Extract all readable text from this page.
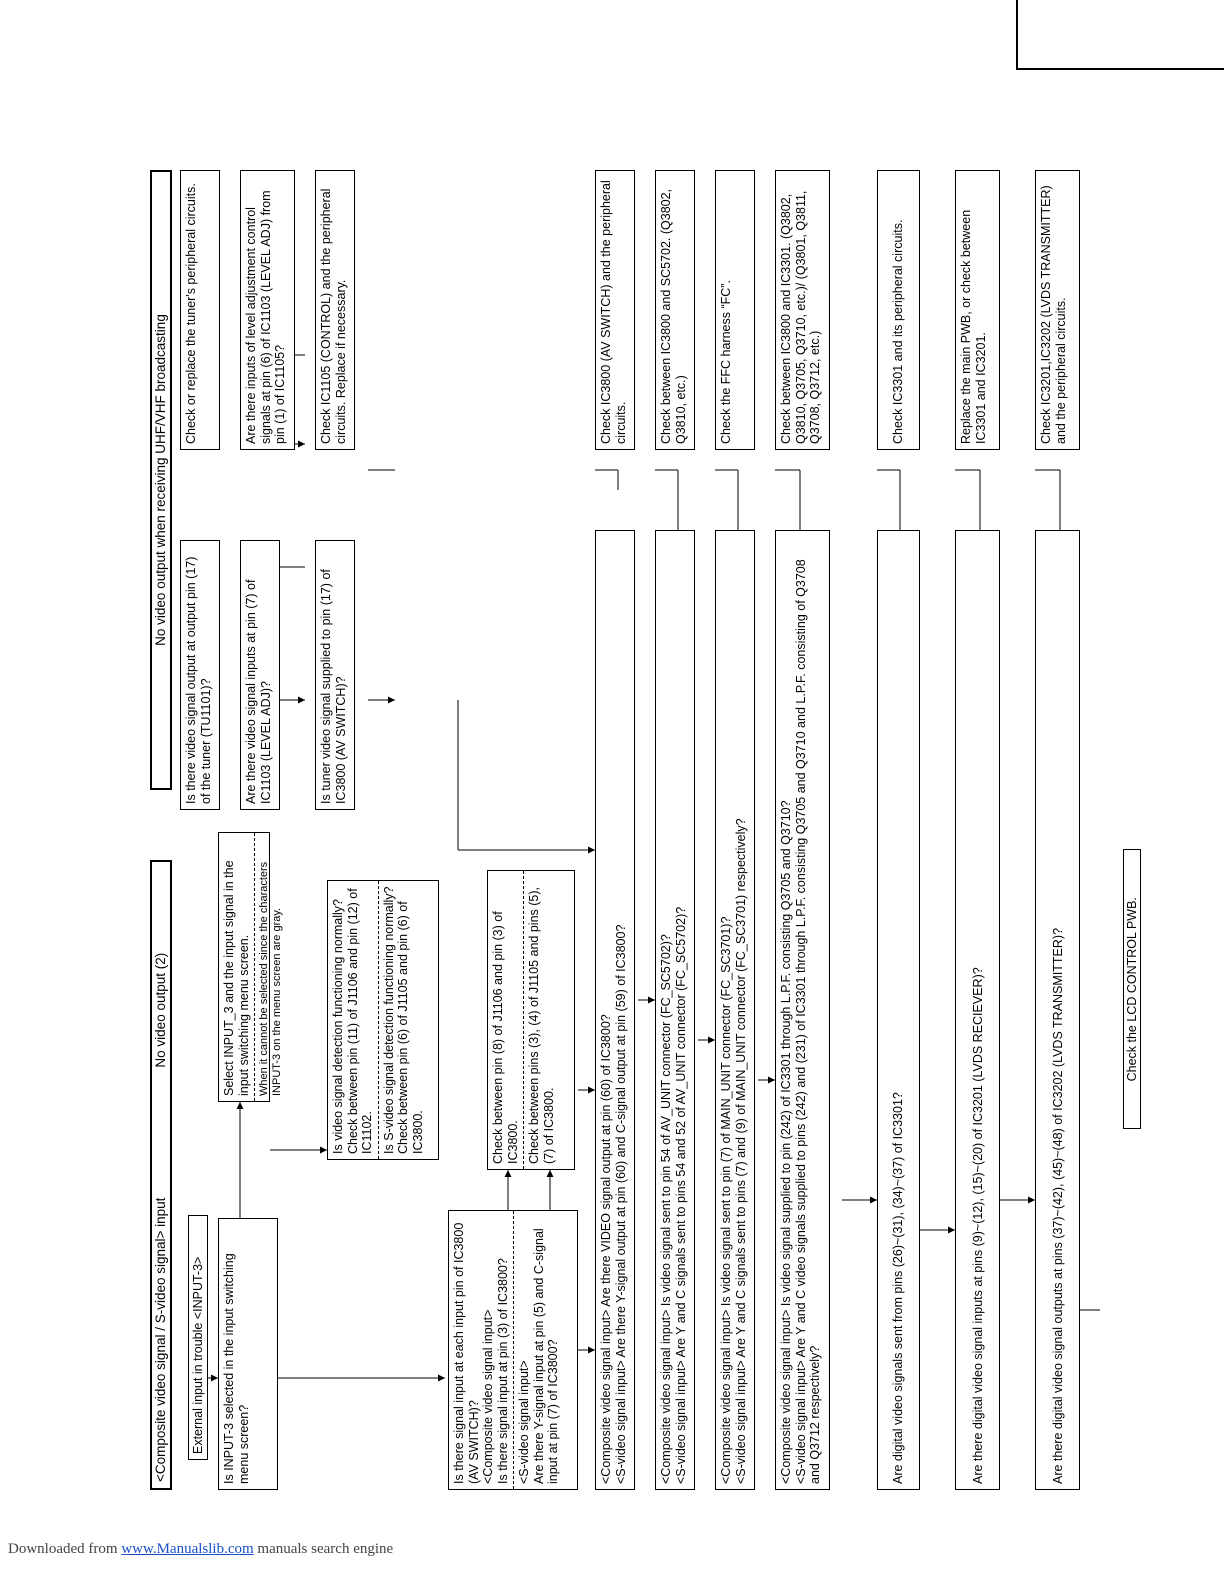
<Composite video signal / S-video signal> input
No video output (2)
No video output when receiving UHF/VHF broadcasting

External input in trouble <INPUT-3> Is INPUT-3 selected in the input switching menu screen?

Select INPUT_3 and the input signal in the input switching menu screen. When it cannot be selected since the characters INPUT-3 on the menu screen are gray.	Is video signal detection functioning normally? Check between pin (11) of J1106 and pin (12) of IC1102. Is S-video signal detection functioning normally? Check between pin (6) of J1105 and pin (6) of IC3800.

Is there signal input at each input pin of IC3800 (AV SWITCH)? <Composite video signal input> Is there signal input at pin (3) of IC3800? <S-video signal input> Are there Y-signal input at pin (5) and C-signal input at pin (7) of IC3800?

Check between pin (8) of J1106 and pin (3) of IC3800. Check between pins (3), (4) of J1105 and pins (5), (7) of IC3800.

Is there video signal output at output pin (17) of the tuner (TU1101)?

Check or replace the tuner's peripheral circuits.

Are there video signal inputs at pin (7) of IC1103 (LEVEL ADJ)?

Are there inputs of level adjustment control signals at pin (6) of IC1103 (LEVEL ADJ) from pin (1) of IC1105?

Is tuner video signal supplied to pin (17) of IC3800 (AV SWITCH)?

Check IC1105 (CONTROL) and the peripheral circuits. Replace if necessary.

<Composite video signal input> Are there VIDEO signal output at pin (60) of IC3800? <S-video signal input> Are there Y-signal output at pin (60) and C-signal output at pin (59) of IC3800?

Check IC3800 (AV SWITCH) and the peripheral circuits.

<Composite video signal input> Is video signal sent to pin 54 of AV_UNIT connector (FC_SC5702)? <S-video signal input> Are Y and C signals sent to pins 54 and 52 of AV_UNIT connector (FC_SC5702)?

Check between IC3800 and SC5702. (Q3802, Q3810, etc.)

<Composite video signal input> Is video signal sent to pin (7) of MAIN_UNIT connector (FC_SC3701)? <S-video signal input> Are Y and C signals sent to pins (7) and (9) of MAIN_UNIT connector (FC_SC3701) respectively?

Check the FFC harness “FC”.

<Composite video signal input> Is video signal supplied to pin (242) of IC3301 through L.P.F. consisting Q3705 and Q3710? <S-video signal input> Are Y and C video signals supplied to pins (242) and (231) of IC3301 through L.P.F. consisting Q3705 and Q3710 and L.P.F. consisting of Q3708 and Q3712 respectively?

Check between IC3800 and IC3301. (Q3802, Q3810, Q3705, Q3710, etc.)/ (Q3801, Q3811, Q3708, Q3712, etc.)

Are digital video signals sent from pins (26)~(31), (34)~(37) of IC3301?

Check IC3301 and its peripheral circuits.

Are there digital video signal inputs at pins (9)~(12), (15)~(20) of IC3201 (LVDS RECIEVER)?

Replace the main PWB, or check between IC3301 and IC3201.

Are there digital video signal outputs at pins (37)~(42), (45)~(48) of IC3202 (LVDS TRANSMITTER)?

Check IC3201,IC3202 (LVDS TRANSMITTER) and the peripheral circuits.

Check the LCD CONTROL PWB.
Downloaded from www.Manualslib.com manuals search engine
